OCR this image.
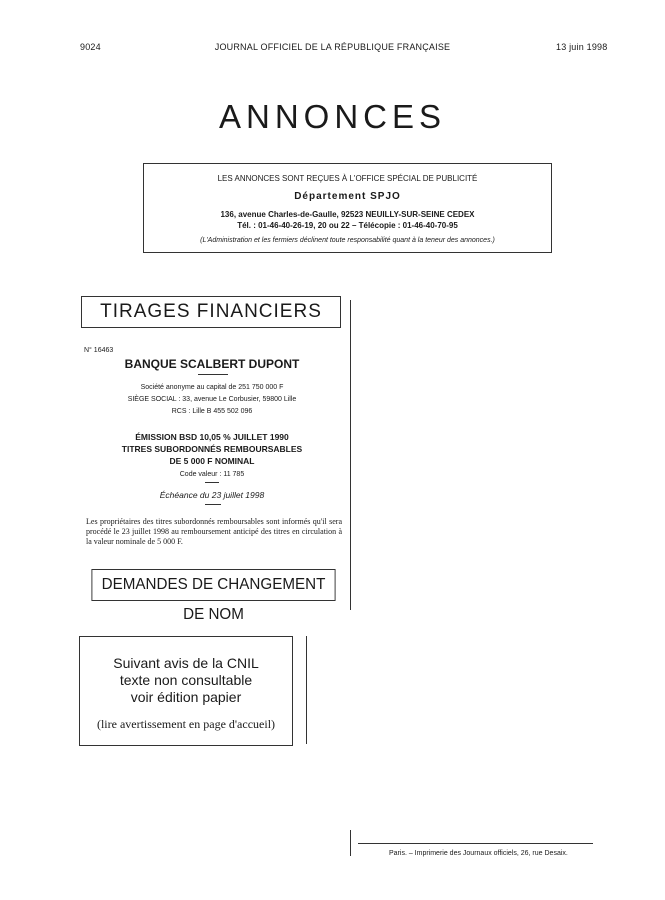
9024	JOURNAL OFFICIEL DE LA RÉPUBLIQUE FRANÇAISE	13 juin 1998
ANNONCES
LES ANNONCES SONT REÇUES À L'OFFICE SPÉCIAL DE PUBLICITÉ
Département SPJO
136, avenue Charles-de-Gaulle, 92523 NEUILLY-SUR-SEINE CEDEX
Tél. : 01-46-40-26-19, 20 ou 22 – Télécopie : 01-46-40-70-95
(L'Administration et les fermiers déclinent toute responsabilité quant à la teneur des annonces.)
TIRAGES FINANCIERS
N° 16463
BANQUE SCALBERT DUPONT
Société anonyme au capital de 251 750 000 F
SIÈGE SOCIAL : 33, avenue Le Corbusier, 59800 Lille
RCS : Lille B 455 502 096
ÉMISSION BSD 10,05 % JUILLET 1990
TITRES SUBORDONNÉS REMBOURSABLES
DE 5 000 F NOMINAL
Code valeur : 11 785
Échéance du 23 juillet 1998
Les propriétaires des titres subordonnés remboursables sont informés qu'il sera procédé le 23 juillet 1998 au remboursement anticipé des titres en circulation à la valeur nominale de 5 000 F.
DEMANDES DE CHANGEMENT DE NOM
Suivant avis de la CNIL
texte non consultable
voir édition papier
(lire avertissement en page d'accueil)
Paris. – Imprimerie des Journaux officiels, 26, rue Desaix.
